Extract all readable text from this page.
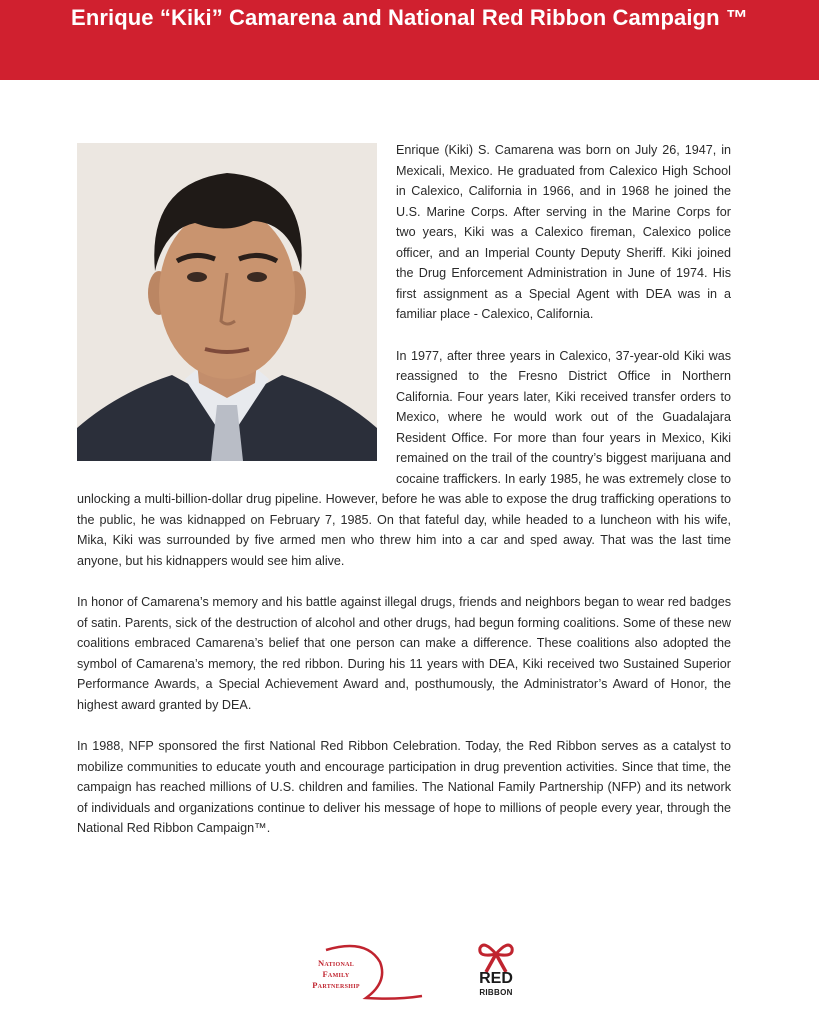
Enrique “Kiki” Camarena and National Red Ribbon Campaign ™

Enrique (Kiki) S. Camarena was born on July 26, 1947, in Mexicali, Mexico. He graduated from Calexico High School in Calexico, California in 1966, and in 1968 he joined the U.S. Marine Corps. After serving in the Marine Corps for two years, Kiki was a Calexico fireman, Calexico police officer, and an Imperial County Deputy Sheriff. Kiki joined the Drug Enforcement Administration in June of 1974. His first assignment as a Special Agent with DEA was in a familiar place - Calexico, California.

In 1977, after three years in Calexico, 37-year-old Kiki was reassigned to the Fresno District Office in Northern California. Four years later, Kiki received transfer orders to Mexico, where he would work out of the Guadalajara Resident Office. For more than four years in Mexico, Kiki remained on the trail of the country’s biggest marijuana and cocaine traffickers. In early 1985, he was extremely close to unlocking a multi-billion-dollar drug pipeline. However, before he was able to expose the drug trafficking operations to the public, he was kidnapped on February 7, 1985. On that fateful day, while headed to a luncheon with his wife, Mika, Kiki was surrounded by five armed men who threw him into a car and sped away. That was the last time anyone, but his kidnappers would see him alive.

In honor of Camarena’s memory and his battle against illegal drugs, friends and neighbors began to wear red badges of satin. Parents, sick of the destruction of alcohol and other drugs, had begun forming coalitions. Some of these new coalitions embraced Camarena’s belief that one person can make a difference. These coalitions also adopted the symbol of Camarena’s memory, the red ribbon. During his 11 years with DEA, Kiki received two Sustained Superior Performance Awards, a Special Achievement Award and, posthumously, the Administrator’s Award of Honor, the highest award granted by DEA.

In 1988, NFP sponsored the first National Red Ribbon Celebration. Today, the Red Ribbon serves as a catalyst to mobilize communities to educate youth and encourage participation in drug prevention activities. Since that time, the campaign has reached millions of U.S. children and families. The National Family Partnership (NFP) and its network of individuals and organizations continue to deliver his message of hope to millions of people every year, through the National Red Ribbon Campaign™.

National
Family
Partnership	RED
RIBBON
